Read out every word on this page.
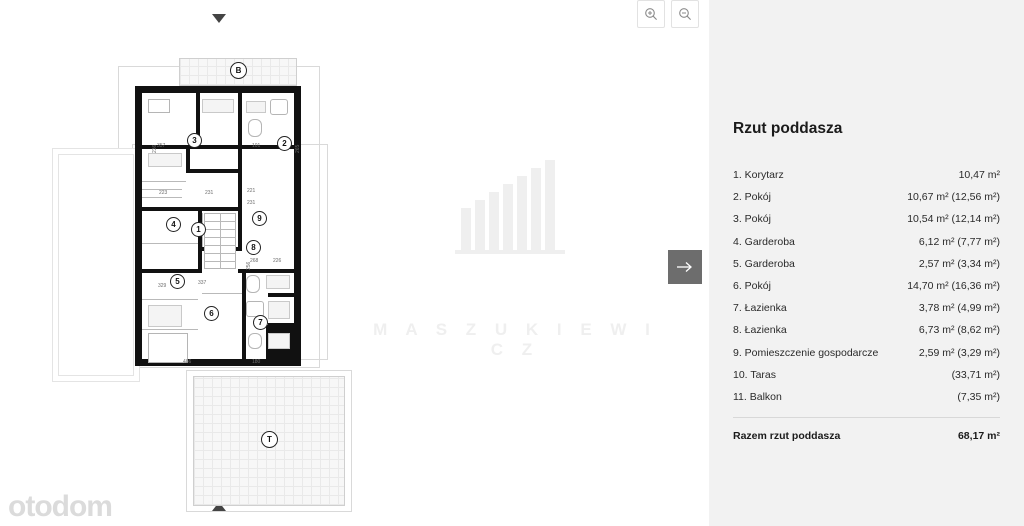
M A S Z U K I E W I C Z
otodom
1
2
3
4
5
6
7
8
9
T
B
357	101
223	231	221
231
268	226
329	337
466	180
265
236
256
Rzut poddasza
1. Korytarz	10,47 m²
2. Pokój	10,67 m² (12,56 m²)
3. Pokój	10,54 m² (12,14 m²)
4. Garderoba	6,12 m² (7,77 m²)
5. Garderoba	2,57 m² (3,34 m²)
6. Pokój	14,70 m² (16,36 m²)
7. Łazienka	3,78 m² (4,99 m²)
8. Łazienka	6,73 m² (8,62 m²)
9. Pomieszczenie gospodarcze	2,59 m² (3,29 m²)
10. Taras	(33,71 m²)
11. Balkon	(7,35 m²)
Razem rzut poddasza	68,17 m²
